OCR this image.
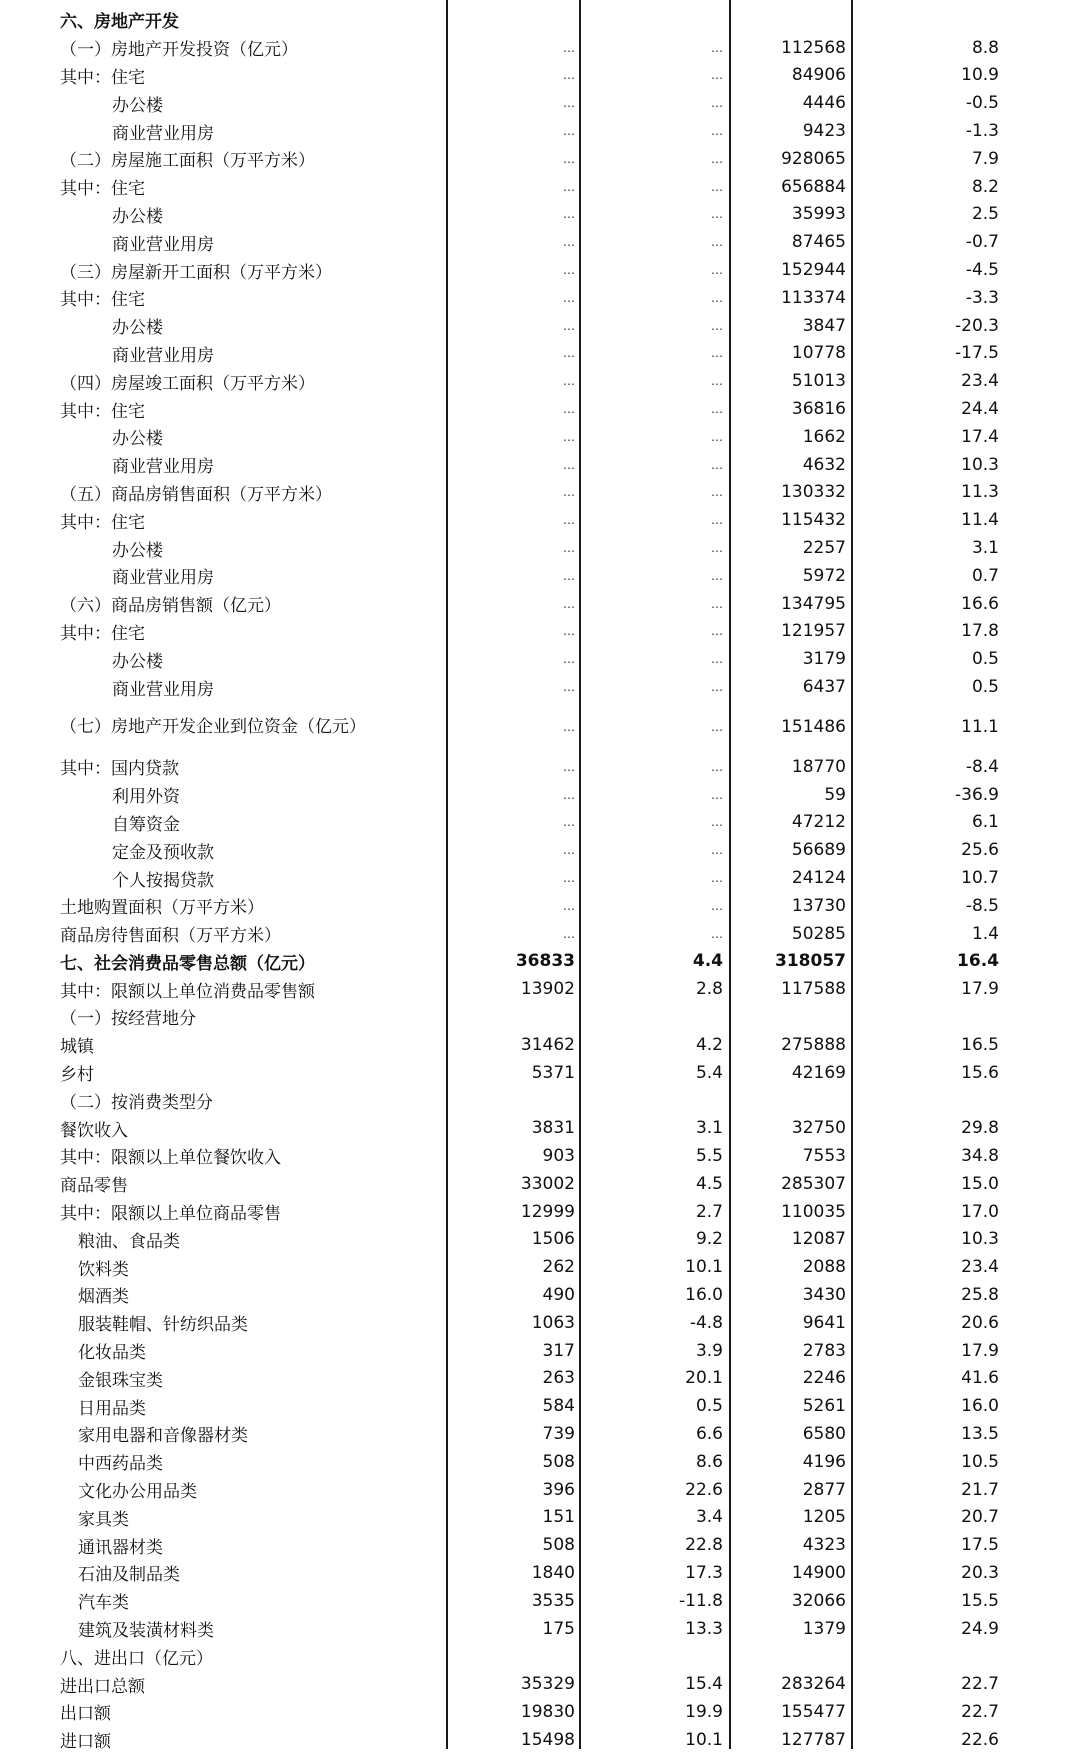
六、房地产开发
（一）房地产开发投资（亿元）	…	…	112568	8.8
其中：住宅	…	…	84906	10.9
办公楼	…	…	4446	-0.5
商业营业用房	…	…	9423	-1.3
（二）房屋施工面积（万平方米）	…	…	928065	7.9
其中：住宅	…	…	656884	8.2
办公楼	…	…	35993	2.5
商业营业用房	…	…	87465	-0.7
（三）房屋新开工面积（万平方米）	…	…	152944	-4.5
其中：住宅	…	…	113374	-3.3
办公楼	…	…	3847	-20.3
商业营业用房	…	…	10778	-17.5
（四）房屋竣工面积（万平方米）	…	…	51013	23.4
其中：住宅	…	…	36816	24.4
办公楼	…	…	1662	17.4
商业营业用房	…	…	4632	10.3
（五）商品房销售面积（万平方米）	…	…	130332	11.3
其中：住宅	…	…	115432	11.4
办公楼	…	…	2257	3.1
商业营业用房	…	…	5972	0.7
（六）商品房销售额（亿元）	…	…	134795	16.6
其中：住宅	…	…	121957	17.8
办公楼	…	…	3179	0.5
商业营业用房	…	…	6437	0.5
（七）房地产开发企业到位资金（亿元）	…	…	151486	11.1
其中：国内贷款	…	…	18770	-8.4
利用外资	…	…	59	-36.9
自筹资金	…	…	47212	6.1
定金及预收款	…	…	56689	25.6
个人按揭贷款	…	…	24124	10.7
土地购置面积（万平方米）	…	…	13730	-8.5
商品房待售面积（万平方米）	…	…	50285	1.4
七、社会消费品零售总额（亿元）	36833	4.4	318057	16.4
其中：限额以上单位消费品零售额	13902	2.8	117588	17.9
（一）按经营地分
城镇	31462	4.2	275888	16.5
乡村	5371	5.4	42169	15.6
（二）按消费类型分
餐饮收入	3831	3.1	32750	29.8
其中：限额以上单位餐饮收入	903	5.5	7553	34.8
商品零售	33002	4.5	285307	15.0
其中：限额以上单位商品零售	12999	2.7	110035	17.0
粮油、食品类	1506	9.2	12087	10.3
饮料类	262	10.1	2088	23.4
烟酒类	490	16.0	3430	25.8
服装鞋帽、针纺织品类	1063	-4.8	9641	20.6
化妆品类	317	3.9	2783	17.9
金银珠宝类	263	20.1	2246	41.6
日用品类	584	0.5	5261	16.0
家用电器和音像器材类	739	6.6	6580	13.5
中西药品类	508	8.6	4196	10.5
文化办公用品类	396	22.6	2877	21.7
家具类	151	3.4	1205	20.7
通讯器材类	508	22.8	4323	17.5
石油及制品类	1840	17.3	14900	20.3
汽车类	3535	-11.8	32066	15.5
建筑及装潢材料类	175	13.3	1379	24.9
八、进出口（亿元）
进出口总额	35329	15.4	283264	22.7
出口额	19830	19.9	155477	22.7
进口额	15498	10.1	127787	22.6
